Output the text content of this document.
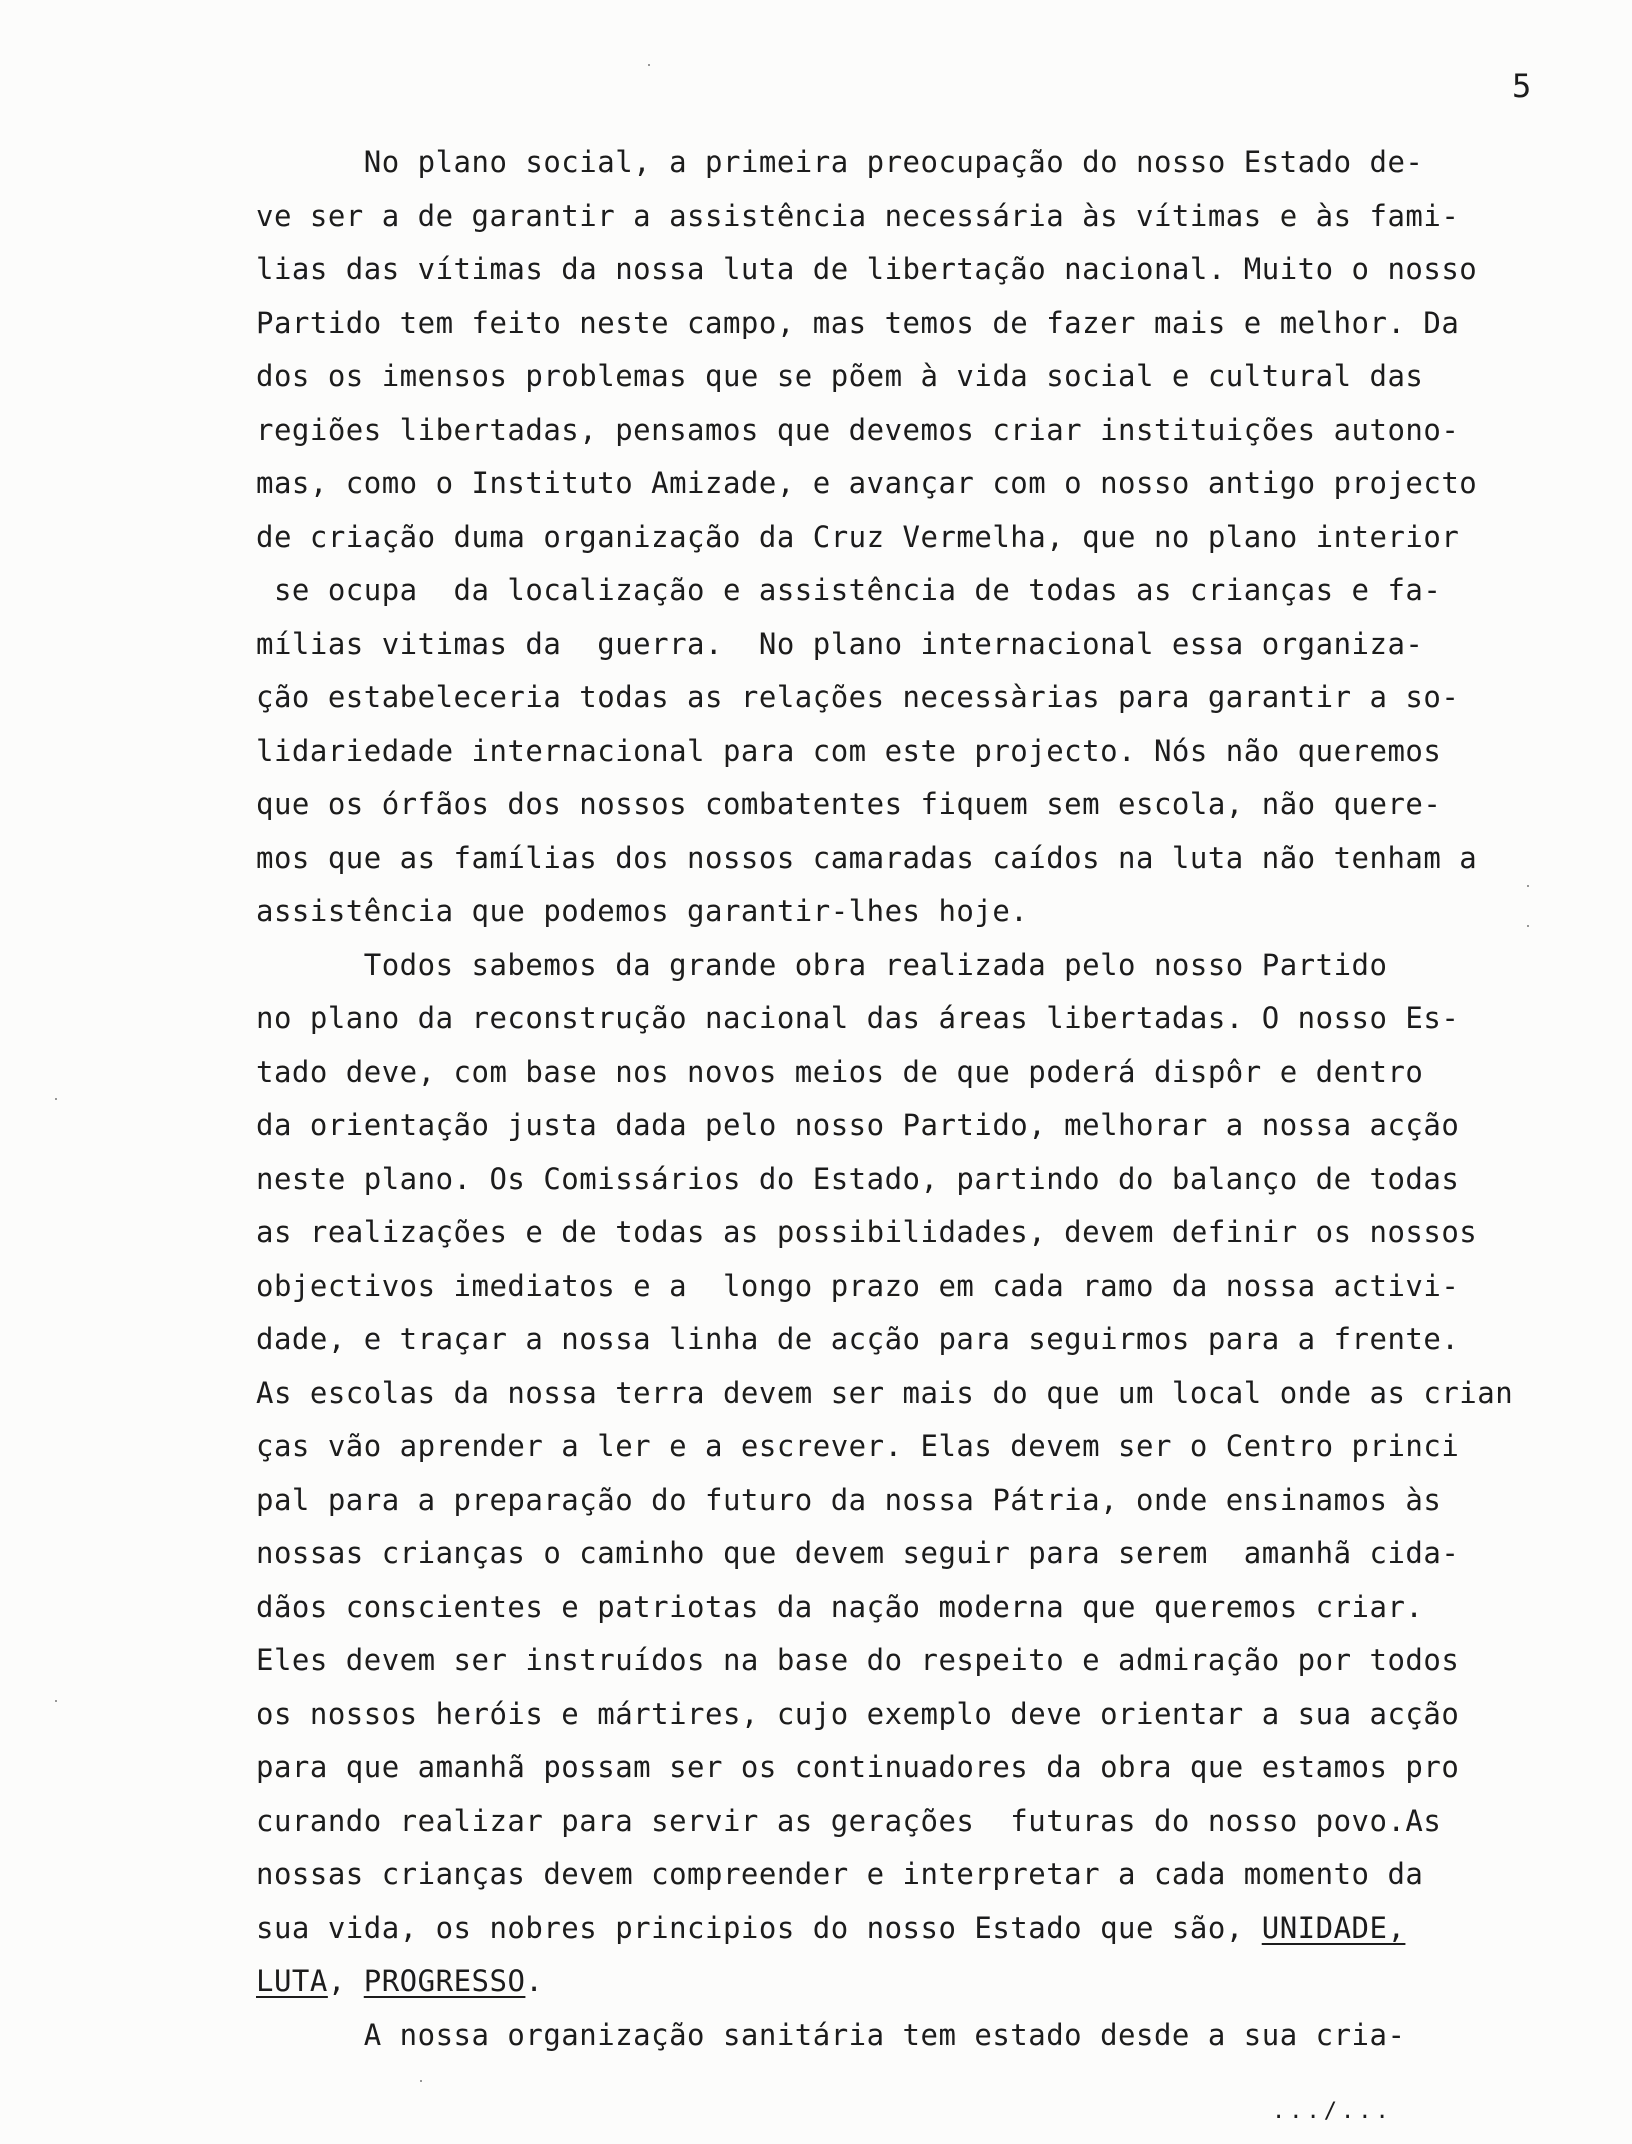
5
No plano social, a primeira preocupação do nosso Estado de-
ve ser a de garantir a assistência necessária às vítimas e às fami-
lias das vítimas da nossa luta de libertação nacional. Muito o nosso
Partido tem feito neste campo, mas temos de fazer mais e melhor. Da
dos os imensos problemas que se põem à vida social e cultural das
regiões libertadas, pensamos que devemos criar instituições autono-
mas, como o Instituto Amizade, e avançar com o nosso antigo projecto
de criação duma organização da Cruz Vermelha, que no plano interior
se ocupa  da localização e assistência de todas as crianças e fa-
mílias vitimas da  guerra.  No plano internacional essa organiza-
ção estabeleceria todas as relações necessàrias para garantir a so-
lidariedade internacional para com este projecto. Nós não queremos
que os órfãos dos nossos combatentes fiquem sem escola, não quere-
mos que as famílias dos nossos camaradas caídos na luta não tenham a
assistência que podemos garantir-lhes hoje.
Todos sabemos da grande obra realizada pelo nosso Partido
no plano da reconstrução nacional das áreas libertadas. O nosso Es-
tado deve, com base nos novos meios de que poderá dispôr e dentro
da orientação justa dada pelo nosso Partido, melhorar a nossa acção
neste plano. Os Comissários do Estado, partindo do balanço de todas
as realizações e de todas as possibilidades, devem definir os nossos
objectivos imediatos e a  longo prazo em cada ramo da nossa activi-
dade, e traçar a nossa linha de acção para seguirmos para a frente.
As escolas da nossa terra devem ser mais do que um local onde as crian
ças vão aprender a ler e a escrever. Elas devem ser o Centro princi
pal para a preparação do futuro da nossa Pátria, onde ensinamos às
nossas crianças o caminho que devem seguir para serem  amanhã cida-
dãos conscientes e patriotas da nação moderna que queremos criar.
Eles devem ser instruídos na base do respeito e admiração por todos
os nossos heróis e mártires, cujo exemplo deve orientar a sua acção
para que amanhã possam ser os continuadores da obra que estamos pro
curando realizar para servir as gerações  futuras do nosso povo.As
nossas crianças devem compreender e interpretar a cada momento da
sua vida, os nobres principios do nosso Estado que são, UNIDADE,
LUTA, PROGRESSO.
A nossa organização sanitária tem estado desde a sua cria-
.../...
